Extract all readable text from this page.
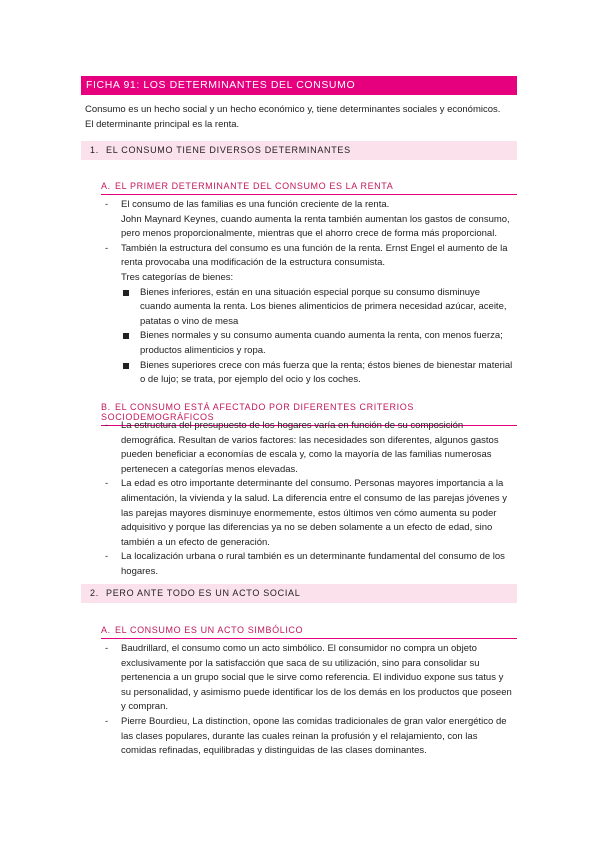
FICHA 91: LOS DETERMINANTES DEL CONSUMO
Consumo es un hecho social y un hecho económico y, tiene determinantes sociales y económicos. El determinante principal es la renta.
1. EL CONSUMO TIENE DIVERSOS DETERMINANTES
A. EL PRIMER DETERMINANTE DEL CONSUMO ES LA RENTA
- El consumo de las familias es una función creciente de la renta.
John Maynard Keynes, cuando aumenta la renta también aumentan los gastos de consumo, pero menos proporcionalmente, mientras que el ahorro crece de forma más proporcional.
- También la estructura del consumo es una función de la renta. Ernst Engel el aumento de la renta provocaba una modificación de la estructura consumista.
Tres categorías de bienes:
Bienes inferiores, están en una situación especial porque su consumo disminuye cuando aumenta la renta. Los bienes alimenticios de primera necesidad azúcar, aceite, patatas o vino de mesa
Bienes normales y su consumo aumenta cuando aumenta la renta, con menos fuerza; productos alimenticios y ropa.
Bienes superiores crece con más fuerza que la renta; éstos bienes de bienestar material o de lujo; se trata, por ejemplo del ocio y los coches.
B. EL CONSUMO ESTÁ AFECTADO POR DIFERENTES CRITERIOS SOCIODEMOGRÁFICOS
- La estructura del presupuesto de los hogares varía en función de su composición demográfica. Resultan de varios factores: las necesidades son diferentes, algunos gastos pueden beneficiar a economías de escala y, como la mayoría de las familias numerosas pertenecen a categorías menos elevadas.
- La edad es otro importante determinante del consumo. Personas mayores importancia a la alimentación, la vivienda y la salud. La diferencia entre el consumo de las parejas jóvenes y las parejas mayores disminuye enormemente, estos últimos ven cómo aumenta su poder adquisitivo y porque las diferencias ya no se deben solamente a un efecto de edad, sino también a un efecto de generación.
- La localización urbana o rural también es un determinante fundamental del consumo de los hogares.
2. PERO ANTE TODO ES UN ACTO SOCIAL
A. EL CONSUMO ES UN ACTO SIMBÓLICO
- Baudrillard, el consumo como un acto simbólico. El consumidor no compra un objeto exclusivamente por la satisfacción que saca de su utilización, sino para consolidar su pertenencia a un grupo social que le sirve como referencia. El individuo expone sus tatus y su personalidad, y asimismo puede identificar los de los demás en los productos que poseen y compran.
- Pierre Bourdieu, La distinction, opone las comidas tradicionales de gran valor energético de las clases populares, durante las cuales reinan la profusión y el relajamiento, con las comidas refinadas, equilibradas y distinguidas de las clases dominantes.
